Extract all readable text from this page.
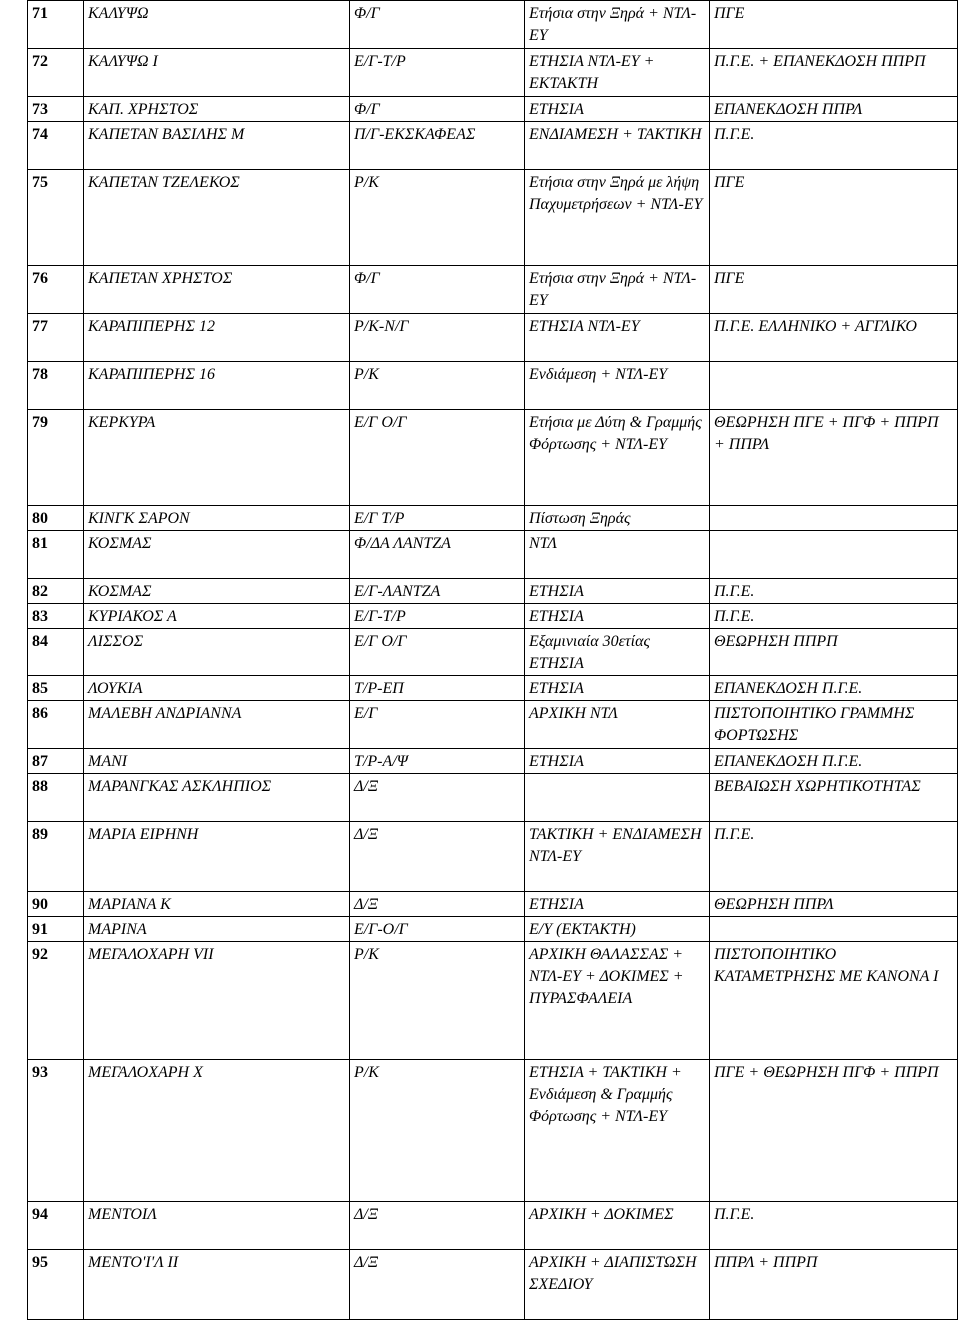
71	ΚΑΛΥΨΩ	Φ/Γ	Ετήσια στην Ξηρά + ΝΤΛ-ΕΥ	ΠΓΕ
72	ΚΑΛΥΨΩ Ι	Ε/Γ-Τ/Ρ	ΕΤΗΣΙΑ ΝΤΛ-ΕΥ + ΕΚΤΑΚΤΗ	Π.Γ.Ε. + ΕΠΑΝΕΚΔΟΣΗ ΠΠΡΠ
73	ΚΑΠ. ΧΡΗΣΤΟΣ	Φ/Γ	ΕΤΗΣΙΑ	ΕΠΑΝΕΚΔΟΣΗ ΠΠΡΛ
74	ΚΑΠΕΤΑΝ ΒΑΣΙΛΗΣ Μ	Π/Γ-ΕΚΣΚΑΦΕΑΣ	ΕΝΔΙΑΜΕΣΗ + ΤΑΚΤΙΚΗ	Π.Γ.Ε.
75	ΚΑΠΕΤΑΝ ΤΖΕΛΕΚΟΣ	Ρ/Κ	Ετήσια στην Ξηρά με λήψη Παχυμετρήσεων + ΝΤΛ-ΕΥ	ΠΓΕ
76	ΚΑΠΕΤΑΝ ΧΡΗΣΤΟΣ	Φ/Γ	Ετήσια στην Ξηρά + ΝΤΛ-ΕΥ	ΠΓΕ
77	ΚΑΡΑΠΙΠΕΡΗΣ 12	Ρ/Κ-Ν/Γ	ΕΤΗΣΙΑ ΝΤΛ-ΕΥ	Π.Γ.Ε. ΕΛΛΗΝΙΚΟ + ΑΓΓΛΙΚΟ
78	ΚΑΡΑΠΙΠΕΡΗΣ 16	Ρ/Κ	Ενδιάμεση + ΝΤΛ-ΕΥ	
79	ΚΕΡΚΥΡΑ	Ε/Γ Ο/Γ	Ετήσια με Δύτη & Γραμμής Φόρτωσης + ΝΤΛ-ΕΥ	ΘΕΩΡΗΣΗ ΠΓΕ + ΠΓΦ + ΠΠΡΠ + ΠΠΡΛ
80	ΚΙΝΓΚ ΣΑΡΟΝ	Ε/Γ Τ/Ρ	Πίστωση Ξηράς	
81	ΚΟΣΜΑΣ	Φ/ΔΑ ΛΑΝΤΖΑ	ΝΤΛ	
82	ΚΟΣΜΑΣ	Ε/Γ-ΛΑΝΤΖΑ	ΕΤΗΣΙΑ	Π.Γ.Ε.
83	ΚΥΡΙΑΚΟΣ Α	Ε/Γ-Τ/Ρ	ΕΤΗΣΙΑ	Π.Γ.Ε.
84	ΛΙΣΣΟΣ	Ε/Γ Ο/Γ	Εξαμινιαία 30ετίας ΕΤΗΣΙΑ	ΘΕΩΡΗΣΗ ΠΠΡΠ
85	ΛΟΥΚΙΑ	Τ/Ρ-ΕΠ	ΕΤΗΣΙΑ	ΕΠΑΝΕΚΔΟΣΗ Π.Γ.Ε.
86	ΜΑΛΕΒΗ ΑΝΔΡΙΑΝΝΑ	Ε/Γ	ΑΡΧΙΚΗ ΝΤΛ	ΠΙΣΤΟΠΟΙΗΤΙΚΟ ΓΡΑΜΜΗΣ ΦΟΡΤΩΣΗΣ
87	ΜΑΝΙ	Τ/Ρ-Α/Ψ	ΕΤΗΣΙΑ	ΕΠΑΝΕΚΔΟΣΗ Π.Γ.Ε.
88	ΜΑΡΑΝΓΚΑΣ ΑΣΚΛΗΠΙΟΣ	Δ/Ξ		ΒΕΒΑΙΩΣΗ ΧΩΡΗΤΙΚΟΤΗΤΑΣ
89	ΜΑΡΙΑ ΕΙΡΗΝΗ	Δ/Ξ	ΤΑΚΤΙΚΗ + ΕΝΔΙΑΜΕΣΗ ΝΤΛ-ΕΥ	Π.Γ.Ε.
90	ΜΑΡΙΑΝΑ Κ	Δ/Ξ	ΕΤΗΣΙΑ	ΘΕΩΡΗΣΗ ΠΠΡΛ
91	ΜΑΡΙΝΑ	Ε/Γ-Ο/Γ	Ε/Υ (ΕΚΤΑΚΤΗ)	
92	ΜΕΓΑΛΟΧΑΡΗ VII	Ρ/Κ	ΑΡΧΙΚΗ ΘΑΛΑΣΣΑΣ + ΝΤΛ-ΕΥ + ΔΟΚΙΜΕΣ + ΠΥΡΑΣΦΑΛΕΙΑ	ΠΙΣΤΟΠΟΙΗΤΙΚΟ ΚΑΤΑΜΕΤΡΗΣΗΣ ΜΕ ΚΑΝΟΝΑ Ι
93	ΜΕΓΑΛΟΧΑΡΗ Χ	Ρ/Κ	ΕΤΗΣΙΑ + ΤΑΚΤΙΚΗ + Ενδιάμεση & Γραμμής Φόρτωσης + ΝΤΛ-ΕΥ	ΠΓΕ + ΘΕΩΡΗΣΗ ΠΓΦ + ΠΠΡΠ
94	ΜΕΝΤΟΙΛ	Δ/Ξ	ΑΡΧΙΚΗ + ΔΟΚΙΜΕΣ	Π.Γ.Ε.
95	ΜΕΝΤΟ'Ι'Λ ΙΙ	Δ/Ξ	ΑΡΧΙΚΗ + ΔΙΑΠΙΣΤΩΣΗ ΣΧΕΔΙΟΥ	ΠΠΡΛ + ΠΠΡΠ
